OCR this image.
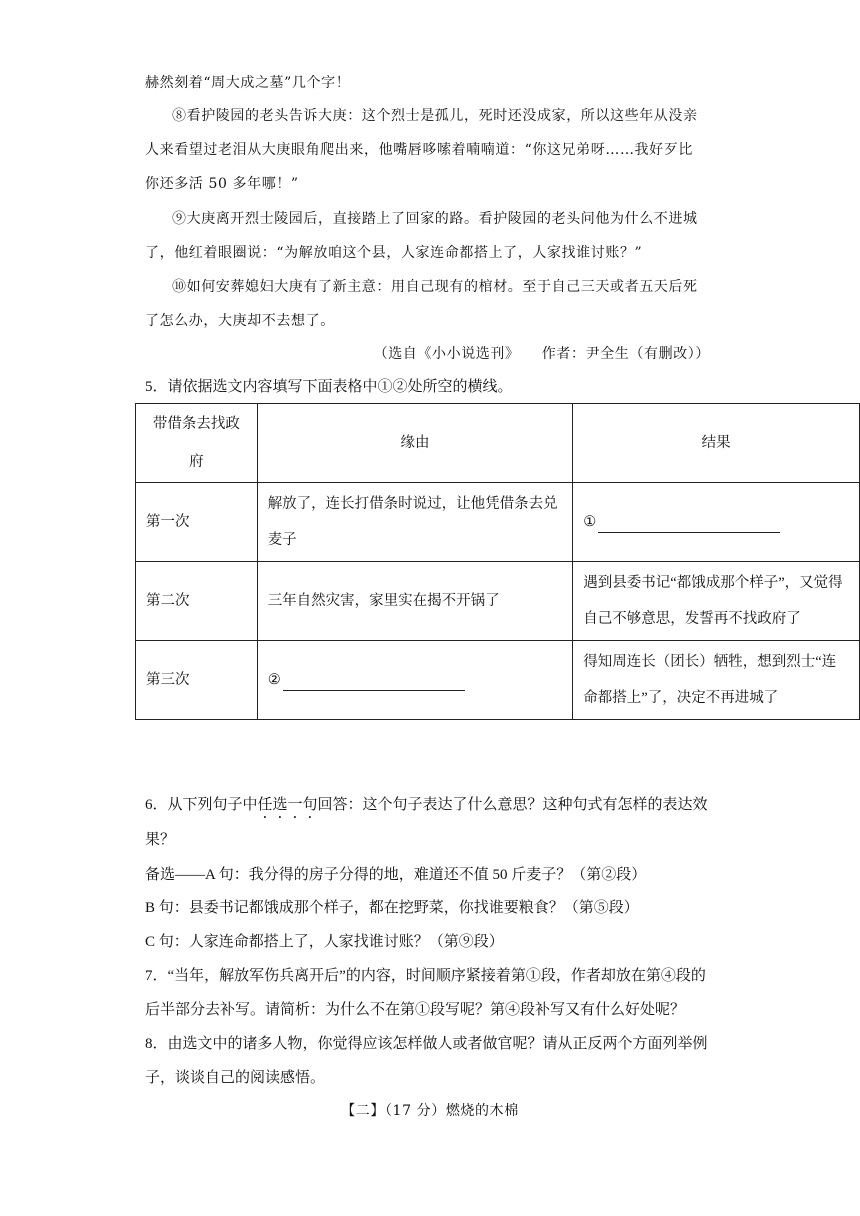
赫然刻着“周大成之墓”几个字！
⑧看护陵园的老头告诉大庚：这个烈士是孤儿，死时还没成家，所以这些年从没亲
人来看望过老泪从大庚眼角爬出来，他嘴唇哆嗦着喃喃道：“你这兄弟呀……我好歹比
你还多活 50 多年哪！”
⑨大庚离开烈士陵园后，直接踏上了回家的路。看护陵园的老头问他为什么不进城
了，他红着眼圈说：“为解放咱这个县，人家连命都搭上了，人家找谁讨账？”
⑩如何安葬媳妇大庚有了新主意：用自己现有的棺材。至于自己三天或者五天后死
了怎么办，大庚却不去想了。
（选自《小小说选刊》　　作者：尹全生（有删改））
5．请依据选文内容填写下面表格中①②处所空的横线。
带借条去找政府	缘由	结果
第一次	解放了，连长打借条时说过，让他凭借条去兑麦子	①
第二次	三年自然灾害，家里实在揭不开锅了	遇到县委书记“都饿成那个样子”，又觉得自己不够意思，发誓再不找政府了
第三次	②	得知周连长（团长）牺牲，想到烈士“连命都搭上”了，决定不再进城了
6．从下列句子中任选一句回答：这个句子表达了什么意思？这种句式有怎样的表达效
果？
备选——A 句：我分得的房子分得的地，难道还不值 50 斤麦子？（第②段）
B 句：县委书记都饿成那个样子，都在挖野菜，你找谁要粮食？（第⑤段）
C 句：人家连命都搭上了，人家找谁讨账？（第⑨段）
7．“当年，解放军伤兵离开后”的内容，时间顺序紧接着第①段，作者却放在第④段的
后半部分去补写。请简析：为什么不在第①段写呢？第④段补写又有什么好处呢？
8．由选文中的诸多人物，你觉得应该怎样做人或者做官呢？请从正反两个方面列举例
子，谈谈自己的阅读感悟。
【二】（17 分）燃烧的木棉
